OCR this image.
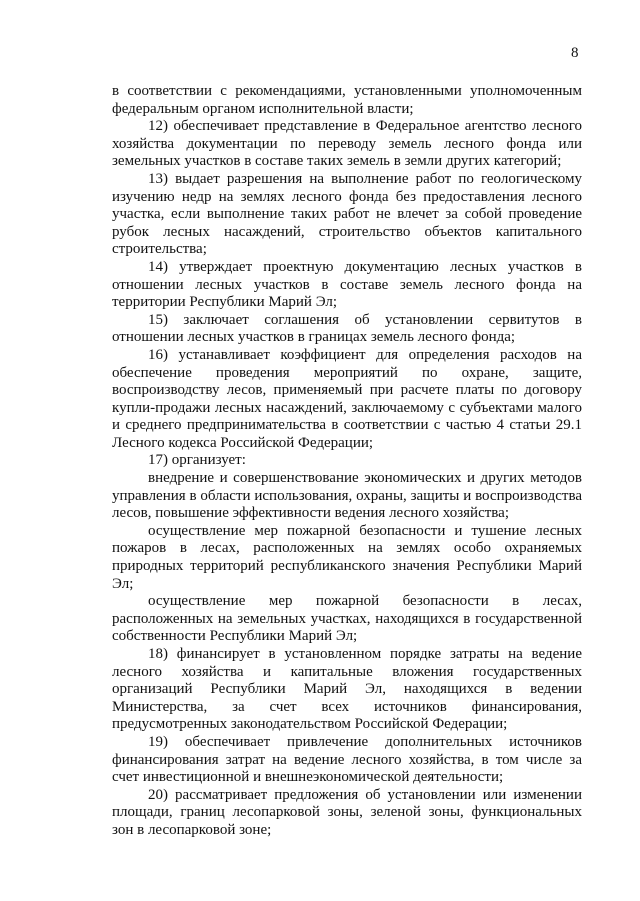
8

в соответствии с рекомендациями, установленными уполномоченным федеральным органом исполнительной власти;

12) обеспечивает представление в Федеральное агентство лесного хозяйства документации по переводу земель лесного фонда или земельных участков в составе таких земель в земли других категорий;

13) выдает разрешения на выполнение работ по геологическому изучению недр на землях лесного фонда без предоставления лесного участка, если выполнение таких работ не влечет за собой проведение рубок лесных насаждений, строительство объектов капитального строительства;

14) утверждает проектную документацию лесных участков в отношении лесных участков в составе земель лесного фонда на территории Республики Марий Эл;

15) заключает соглашения об установлении сервитутов в отношении лесных участков в границах земель лесного фонда;

16) устанавливает коэффициент для определения расходов на обеспечение проведения мероприятий по охране, защите, воспроизводству лесов, применяемый при расчете платы по договору купли-продажи лесных насаждений, заключаемому с субъектами малого и среднего предпринимательства в соответствии с частью 4 статьи 29.1 Лесного кодекса Российской Федерации;

17) организует:

внедрение и совершенствование экономических и других методов управления в области использования, охраны, защиты и воспроизводства лесов, повышение эффективности ведения лесного хозяйства;

осуществление мер пожарной безопасности и тушение лесных пожаров в лесах, расположенных на землях особо охраняемых природных территорий республиканского значения Республики Марий Эл;

осуществление мер пожарной безопасности в лесах, расположенных на земельных участках, находящихся в государственной собственности Республики Марий Эл;

18) финансирует в установленном порядке затраты на ведение лесного хозяйства и капитальные вложения государственных организаций Республики Марий Эл, находящихся в ведении Министерства, за счет всех источников финансирования, предусмотренных законодательством Российской Федерации;

19) обеспечивает привлечение дополнительных источников финансирования затрат на ведение лесного хозяйства, в том числе за счет инвестиционной и внешнеэкономической деятельности;

20) рассматривает предложения об установлении или изменении площади, границ лесопарковой зоны, зеленой зоны, функциональных зон в лесопарковой зоне;
